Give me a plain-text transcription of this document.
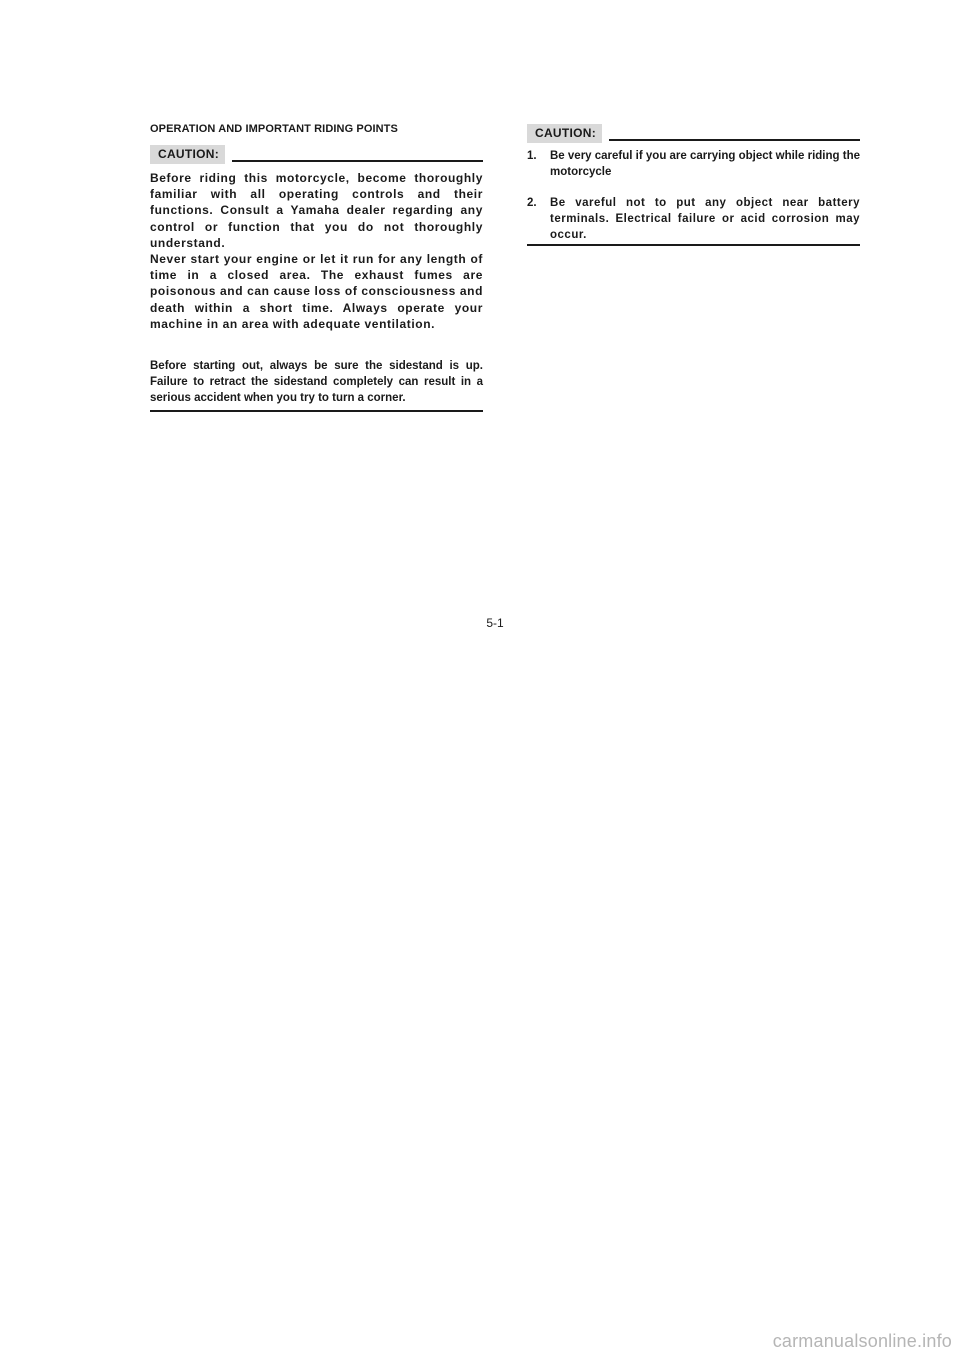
OPERATION AND IMPORTANT RIDING POINTS
CAUTION:

Before riding this motorcycle, become thoroughly familiar with all operating controls and their functions. Consult a Yamaha dealer regarding any control or function that you do not thoroughly understand.

Never start your engine or let it run for any length of time in a closed area. The exhaust fumes are poisonous and can cause loss of consciousness and death within a short time. Always operate your machine in an area with adequate ventilation.

Before starting out, always be sure the sidestand is up. Failure to retract the sidestand completely can result in a serious accident when you try to turn a corner.

CAUTION:
1.	Be very careful if you are carrying object while riding the motorcycle
2.	Be vareful not to put any object near battery terminals. Electrical failure or acid corrosion may occur.
5-1
carmanualsonline.info
